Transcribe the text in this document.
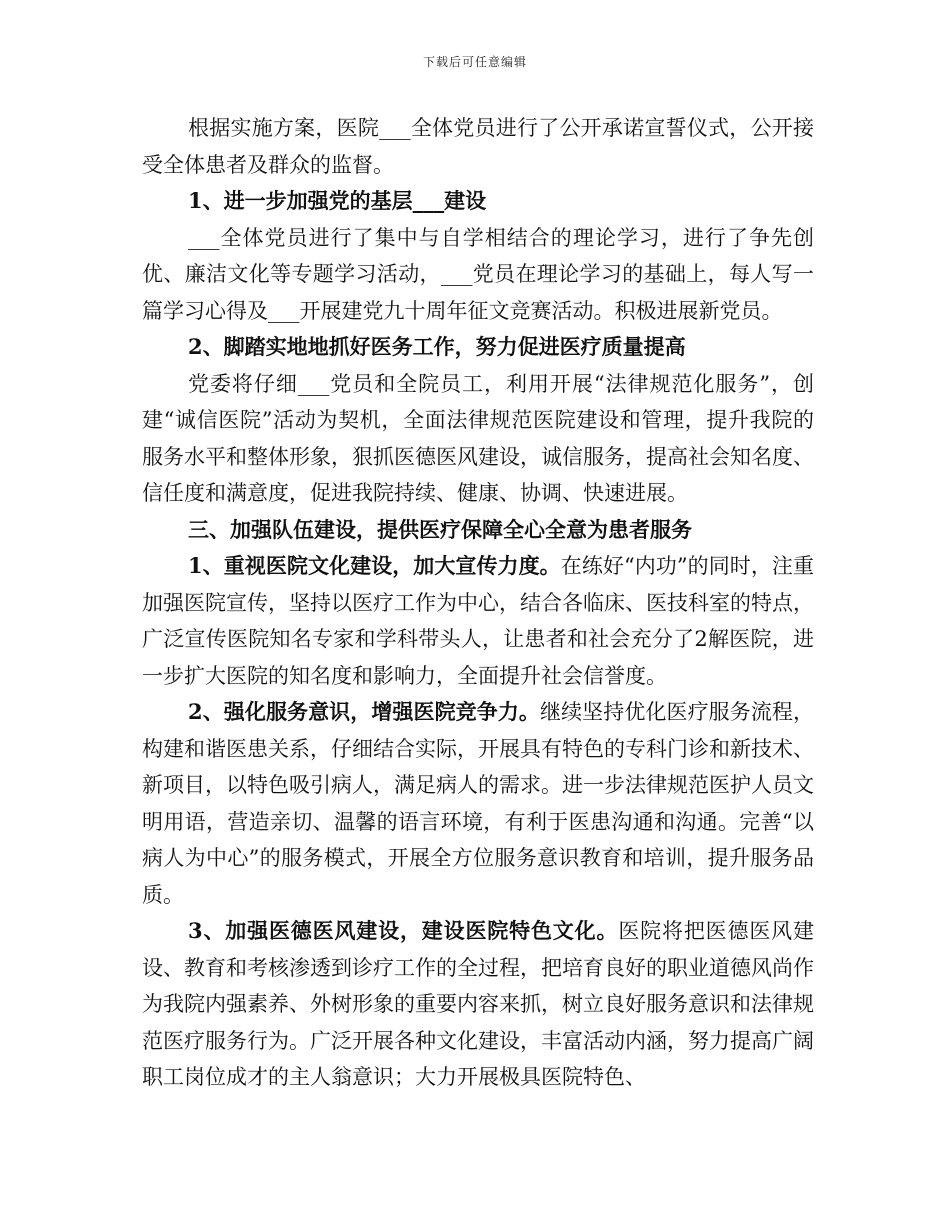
下载后可任意编辑

根据实施方案，医院___全体党员进行了公开承诺宣誓仪式，公开接受全体患者及群众的监督。

1、进一步加强党的基层___建设

___全体党员进行了集中与自学相结合的理论学习，进行了争先创优、廉洁文化等专题学习活动，___党员在理论学习的基础上，每人写一篇学习心得及___开展建党九十周年征文竞赛活动。积极进展新党员。

2、脚踏实地地抓好医务工作，努力促进医疗质量提高

党委将仔细___党员和全院员工，利用开展“法律规范化服务”，创建“诚信医院”活动为契机，全面法律规范医院建设和管理，提升我院的服务水平和整体形象，狠抓医德医风建设，诚信服务，提高社会知名度、信任度和满意度，促进我院持续、健康、协调、快速进展。

三、加强队伍建设，提供医疗保障全心全意为患者服务

1、重视医院文化建设，加大宣传力度。在练好“内功”的同时，注重加强医院宣传，坚持以医疗工作为中心，结合各临床、医技科室的特点，广泛宣传医院知名专家和学科带头人，让患者和社会充分了2解医院，进一步扩大医院的知名度和影响力，全面提升社会信誉度。

2、强化服务意识，增强医院竞争力。继续坚持优化医疗服务流程，构建和谐医患关系，仔细结合实际，开展具有特色的专科门诊和新技术、新项目，以特色吸引病人，满足病人的需求。进一步法律规范医护人员文明用语，营造亲切、温馨的语言环境，有利于医患沟通和沟通。完善“以病人为中心”的服务模式，开展全方位服务意识教育和培训，提升服务品质。

3、加强医德医风建设，建设医院特色文化。医院将把医德医风建设、教育和考核渗透到诊疗工作的全过程，把培育良好的职业道德风尚作为我院内强素养、外树形象的重要内容来抓，树立良好服务意识和法律规范医疗服务行为。广泛开展各种文化建设，丰富活动内涵，努力提高广阔职工岗位成才的主人翁意识；大力开展极具医院特色、
